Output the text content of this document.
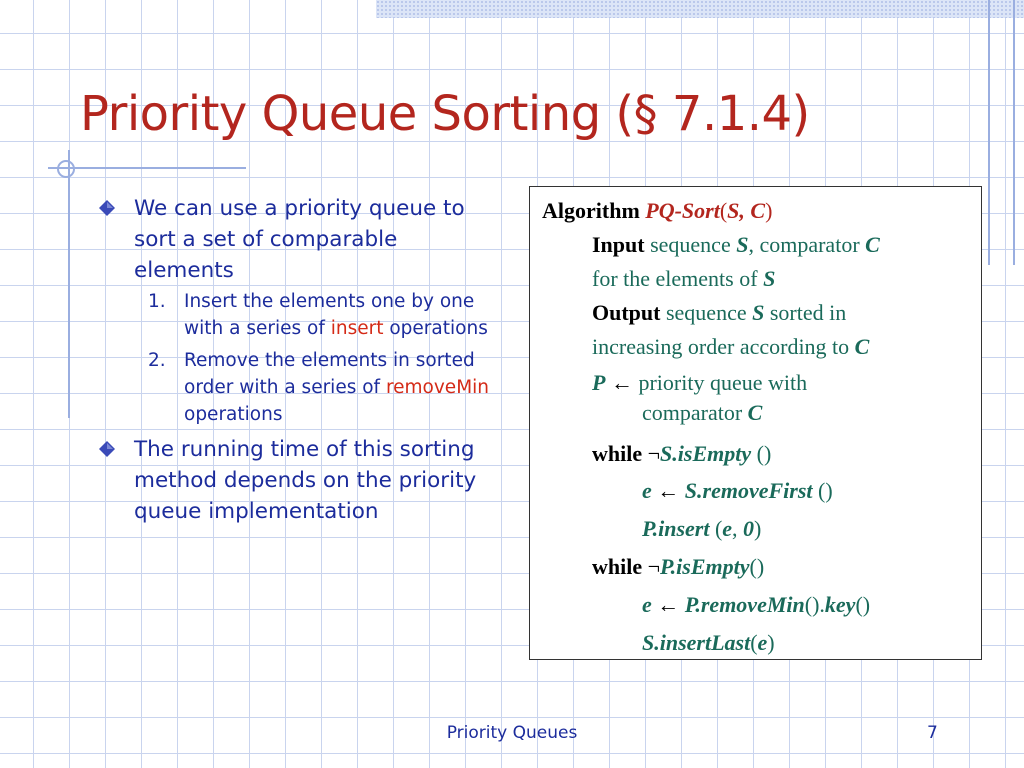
Priority Queue Sorting (§ 7.1.4)
We can use a priority queue to sort a set of comparable elements
1. Insert the elements one by one with a series of insert operations
2. Remove the elements in sorted order with a series of removeMin operations
The running time of this sorting method depends on the priority queue implementation
Algorithm PQ-Sort(S, C)
Input sequence S, comparator C
for the elements of S
Output sequence S sorted in
increasing order according to C
P ← priority queue with
comparator C
while ¬S.isEmpty ()
e ← S.removeFirst ()
P.insert (e, 0)
while ¬P.isEmpty()
e ← P.removeMin().key()
S.insertLast(e)
Priority Queues	7
